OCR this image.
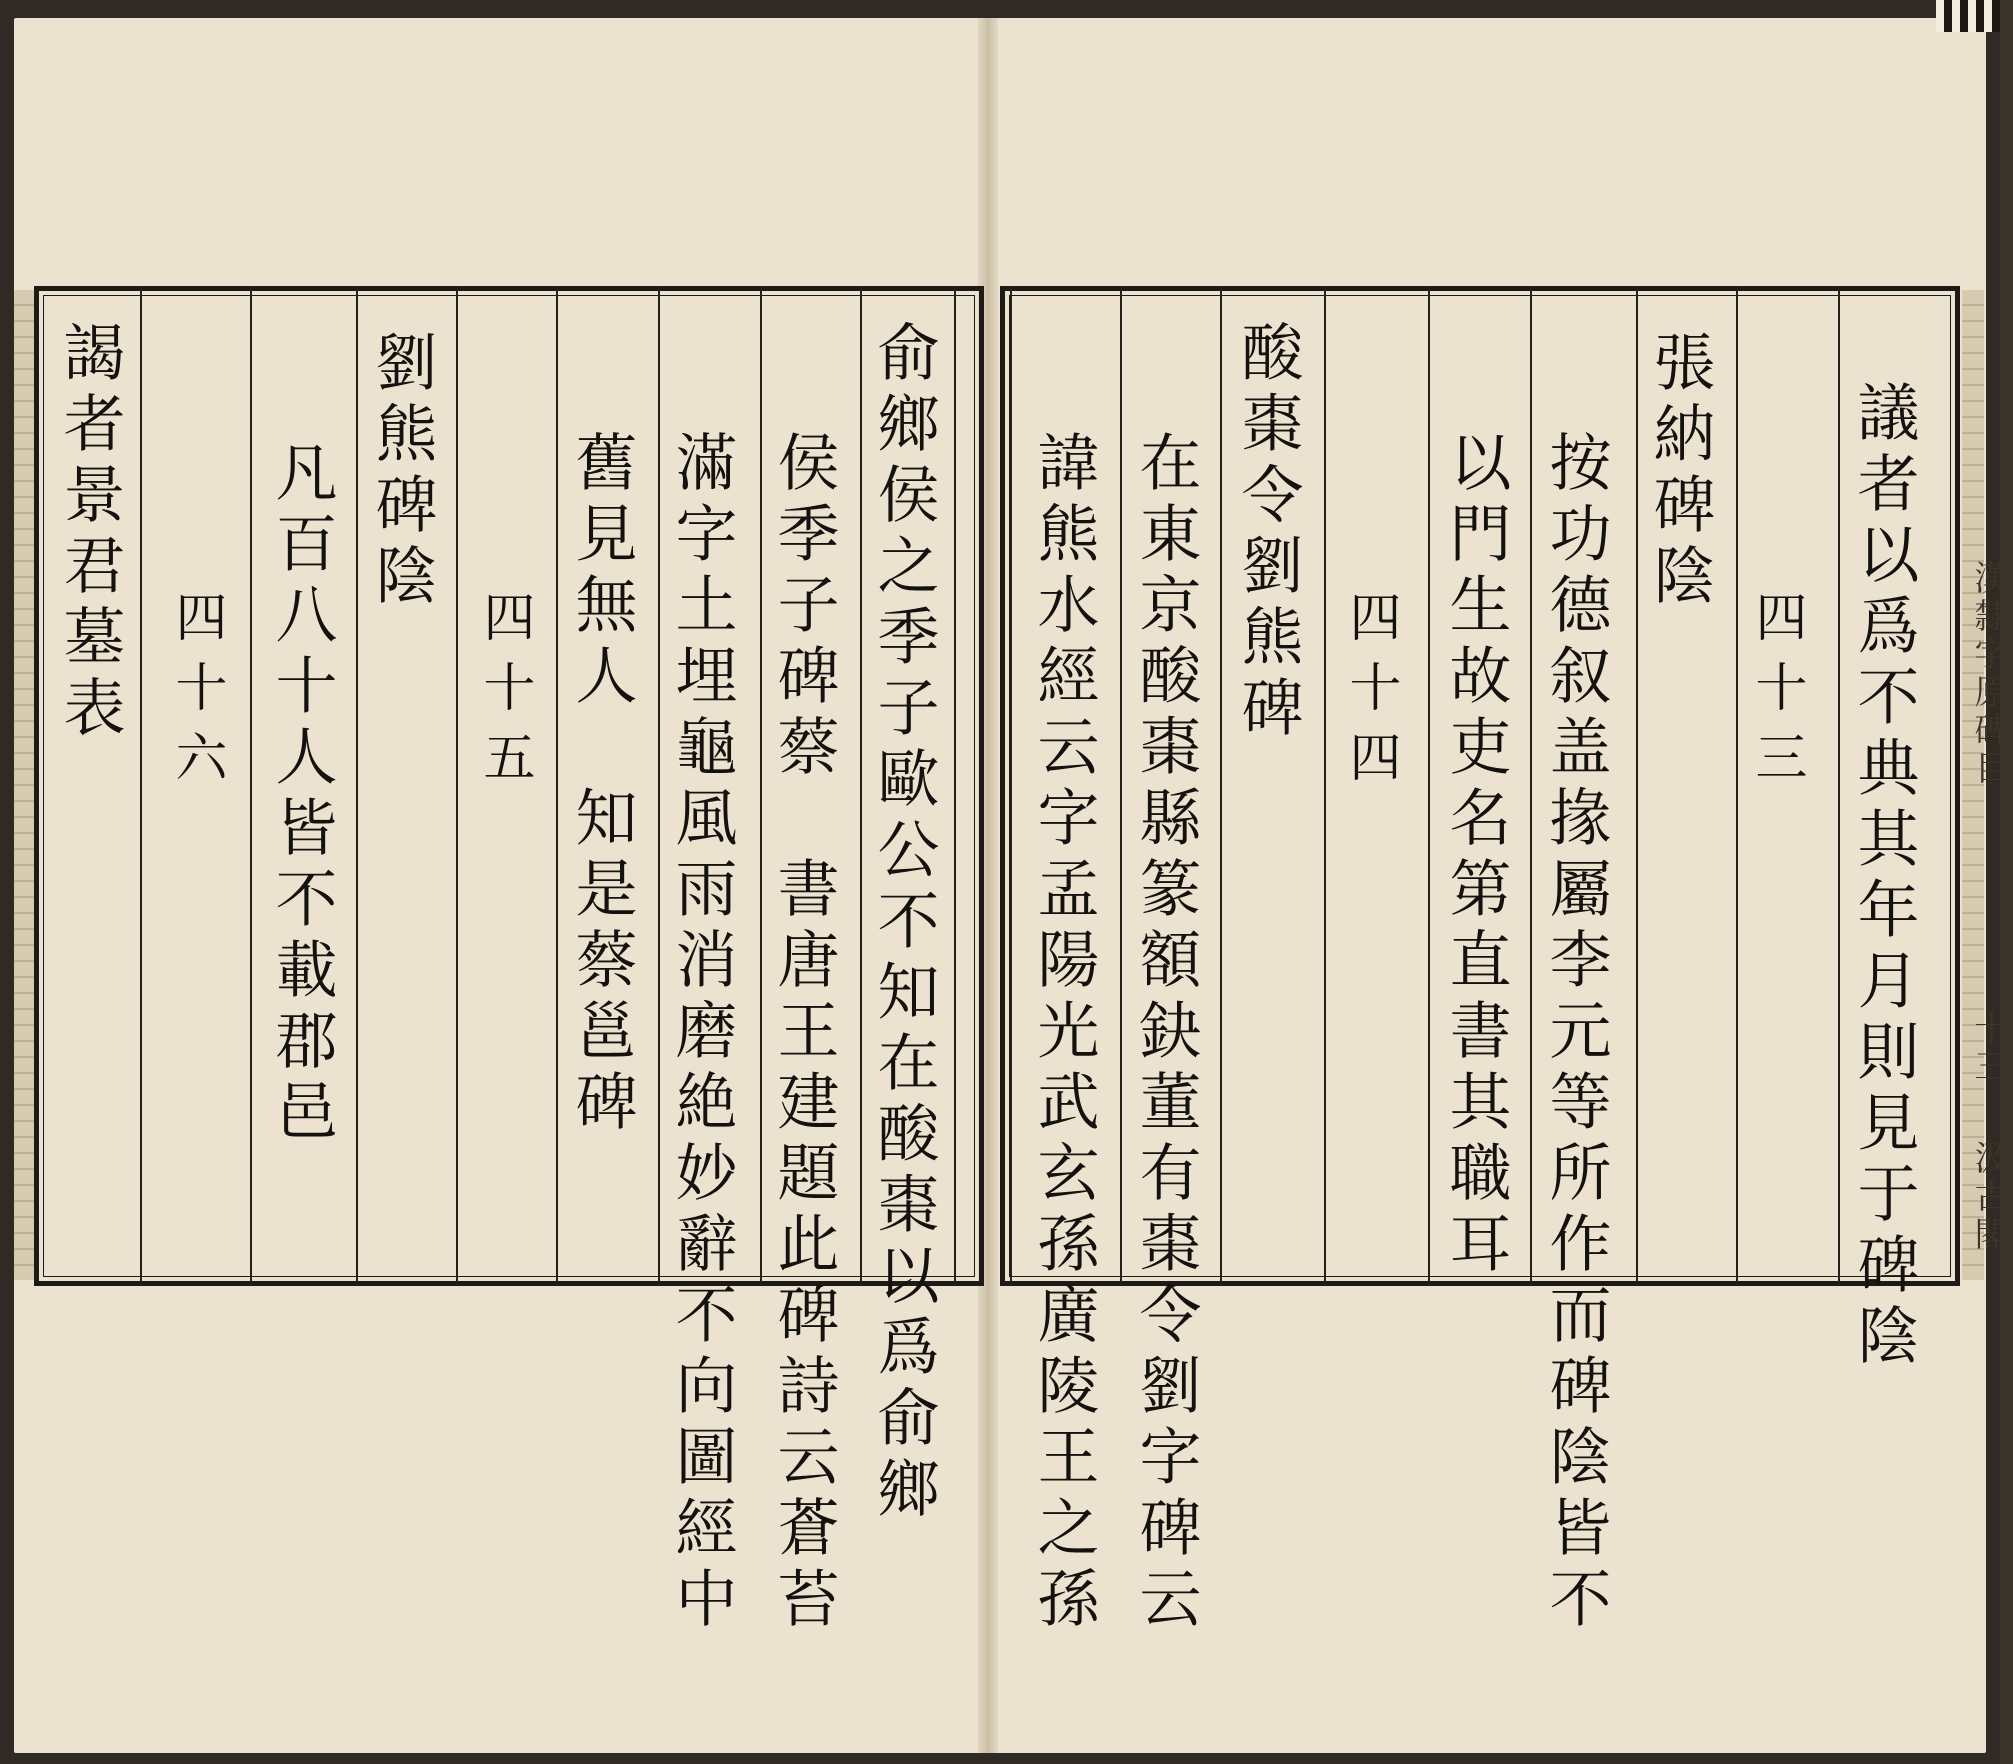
俞鄉侯之季子歐公不知在酸棗以爲俞鄉
侯季子碑蔡　書唐王建題此碑詩云蒼苔
滿字土埋龜風雨消磨絶妙辭不向圖經中
舊見無人　知是蔡邕碑
四十五
劉熊碑陰
凡百八十人皆不載郡邑
四十六
謁者景君墓表	議者以爲不典其年月則見于碑陰
四十三
張納碑陰
按功德叙盖掾屬李元等所作而碑陰皆不
以門生故吏名第直書其職耳
四十四
酸棗令劉熊碑
在東京酸棗縣篆額鈌董有棗令劉字碑云
諱熊水經云字孟陽光武玄孫廣陵王之孫	漢隸字原碑目
十三
汲古閣
